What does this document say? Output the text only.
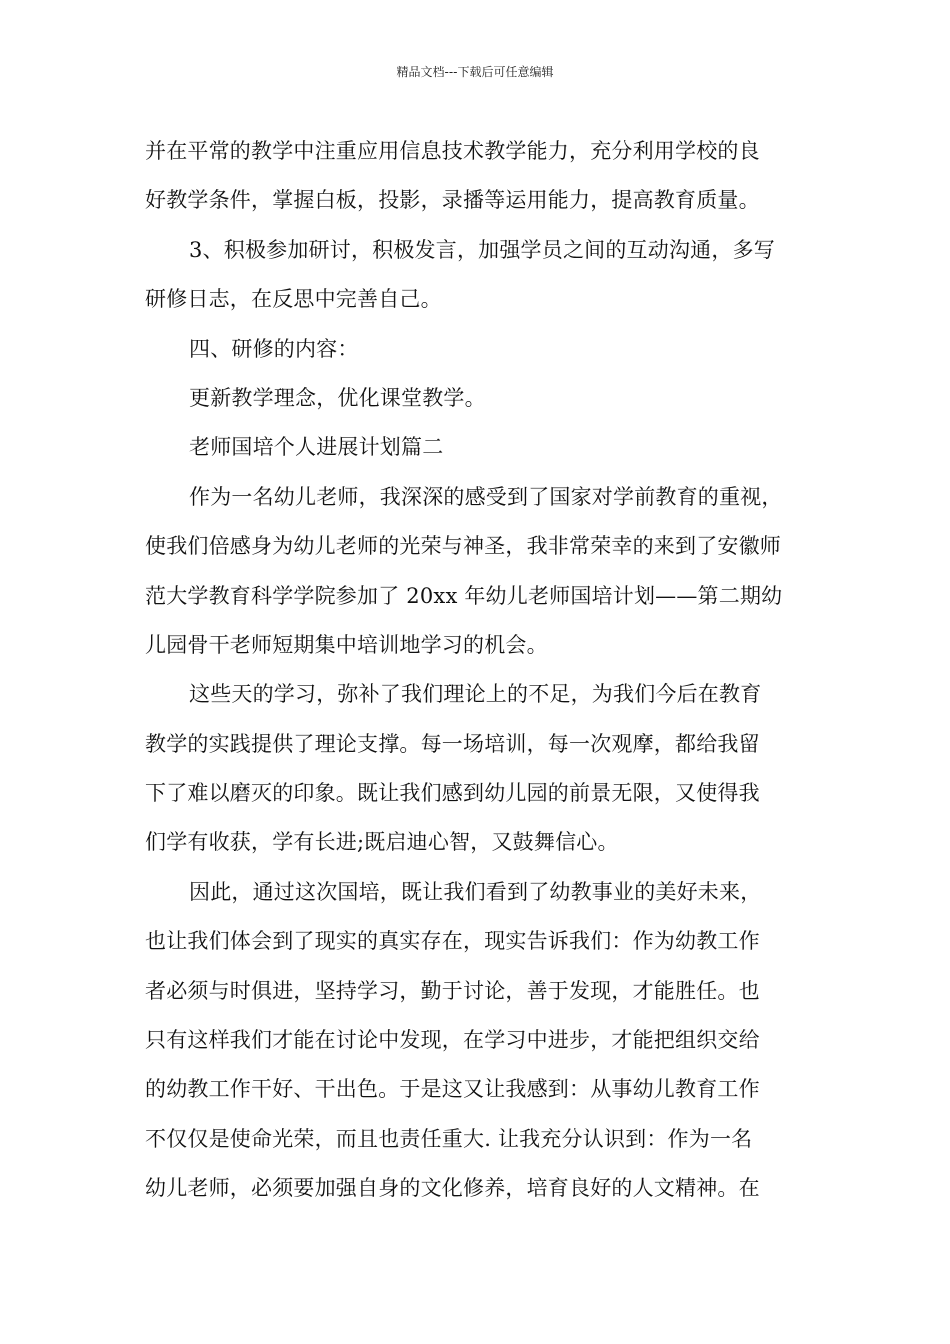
精品文档---下载后可任意编辑
并在平常的教学中注重应用信息技术教学能力，充分利用学校的良
好教学条件，掌握白板，投影，录播等运用能力，提高教育质量。
3、积极参加研讨，积极发言，加强学员之间的互动沟通，多写
研修日志，在反思中完善自己。
四、研修的内容：
更新教学理念，优化课堂教学。
老师国培个人进展计划篇二
作为一名幼儿老师，我深深的感受到了国家对学前教育的重视，
使我们倍感身为幼儿老师的光荣与神圣，我非常荣幸的来到了安徽师
范大学教育科学学院参加了 20xx 年幼儿老师国培计划——第二期幼
儿园骨干老师短期集中培训地学习的机会。
这些天的学习，弥补了我们理论上的不足，为我们今后在教育
教学的实践提供了理论支撑。每一场培训，每一次观摩，都给我留
下了难以磨灭的印象。既让我们感到幼儿园的前景无限，又使得我
们学有收获，学有长进;既启迪心智，又鼓舞信心。
因此，通过这次国培，既让我们看到了幼教事业的美好未来，
也让我们体会到了现实的真实存在，现实告诉我们：作为幼教工作
者必须与时俱进，坚持学习，勤于讨论，善于发现，才能胜任。也
只有这样我们才能在讨论中发现，在学习中进步，才能把组织交给
的幼教工作干好、干出色。于是这又让我感到：从事幼儿教育工作
不仅仅是使命光荣，而且也责任重大. 让我充分认识到：作为一名
幼儿老师，必须要加强自身的文化修养，培育良好的人文精神。在
